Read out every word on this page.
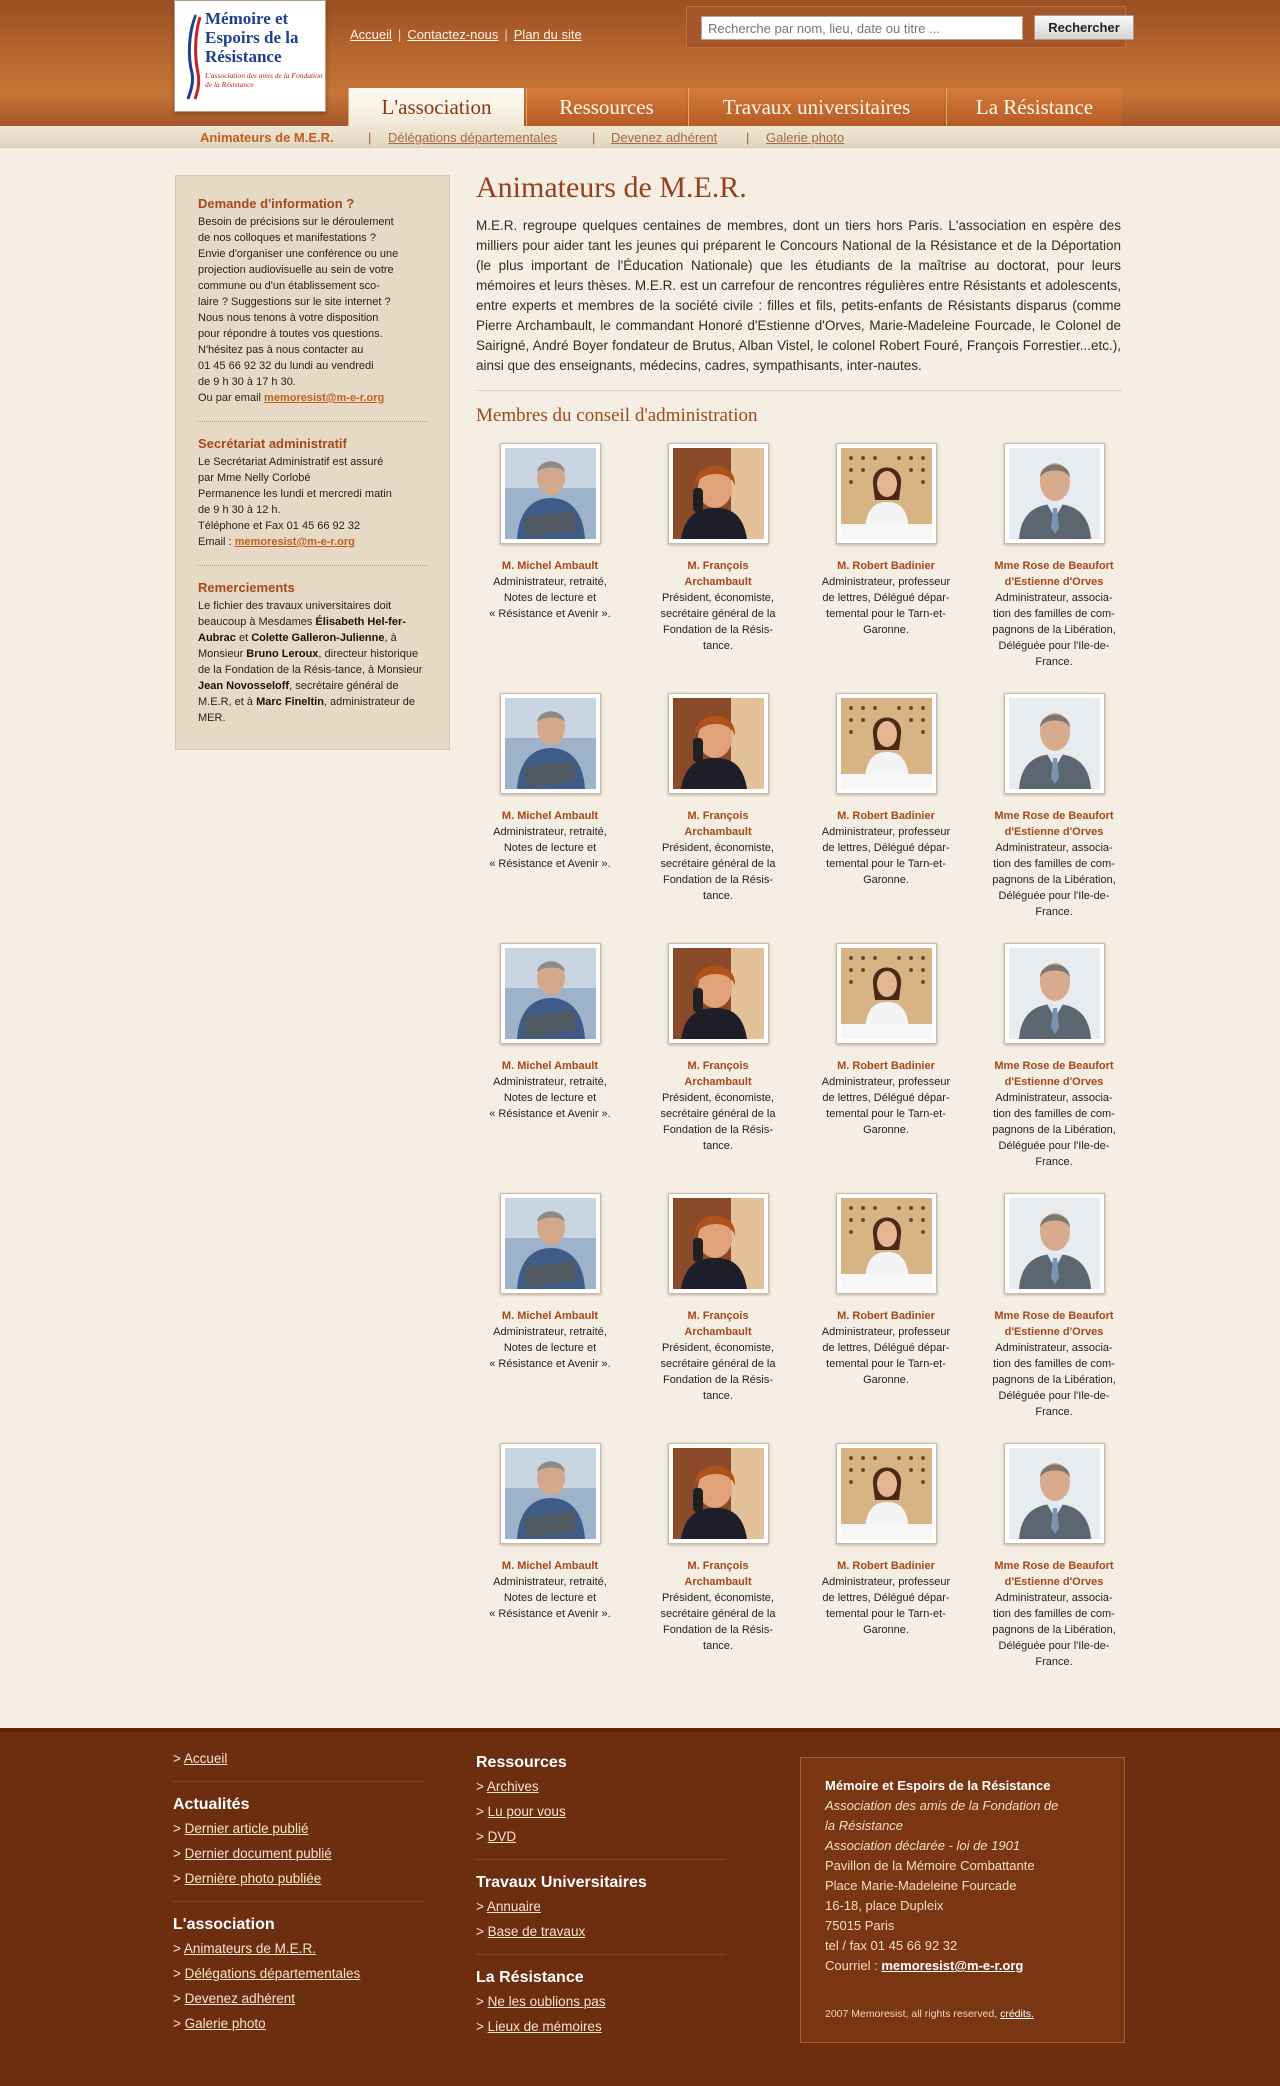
Mémoire et Espoirs de la Résistance
L'association des amis de la Fondation de la Résistance
Accueil | Contactez-nous | Plan du site
Recherche par nom, lieu, date ou titre ...	Rechercher
L'association	Ressources	Travaux universitaires	La Résistance
Animateurs de M.E.R.	| Délégations départementales	| Devenez adhérent | Galerie photo
Demande d'information ?

Besoin de précisions sur le déroulement
de nos colloques et manifestations ?
Envie d'organiser une conférence ou une
projection audiovisuelle au sein de votre
commune ou d'un établissement sco-
laire ? Suggestions sur le site internet ?
Nous nous tenons à votre disposition
pour répondre à toutes vos questions.
N'hésitez pas à nous contacter au
01 45 66 92 32 du lundi au vendredi
de 9 h 30 à 17 h 30.

Ou par email memoresist@m-e-r.org
Secrétariat administratif

Le Secrétariat Administratif est assuré
par Mme Nelly Corlobé
Permanence les lundi et mercredi matin
de 9 h 30 à 12 h.
Téléphone et Fax 01 45 66 92 32

Email : memoresist@m-e-r.org
Remerciements

Le fichier des travaux universitaires doit beaucoup à Mesdames Élisabeth Hel-fer-Aubrac et Colette Galleron-Julienne, à Monsieur Bruno Leroux, directeur historique de la Fondation de la Résis-tance, à Monsieur Jean Novosseloff, secrétaire général de M.E.R, et à Marc Fineltin, administrateur de MER.

Animateurs de M.E.R.

M.E.R. regroupe quelques centaines de membres, dont un tiers hors Paris. L'association en espère des milliers pour aider tant les jeunes qui préparent le Concours National de la Résistance et de la Déportation (le plus important de l'Éducation Nationale) que les étudiants de la maîtrise au doctorat, pour leurs mémoires et leurs thèses. M.E.R. est un carrefour de rencontres régulières entre Résistants et adolescents, entre experts et membres de la société civile : filles et fils, petits-enfants de Résistants disparus (comme Pierre Archambault, le commandant Honoré d'Estienne d'Orves, Marie-Madeleine Fourcade, le Colonel de Sairigné, André Boyer fondateur de Brutus, Alban Vistel, le colonel Robert Fouré, François Forrestier...etc.), ainsi que des enseignants, médecins, cadres, sympathisants, inter-nautes.

Membres du conseil d'administration
M. Michel Ambault
Administrateur, retraité,
Notes de lecture et
« Résistance et Avenir ».
M. François
Archambault
Président, économiste,
secrétaire général de la
Fondation de la Résis-
tance.
M. Robert Badinier
Administrateur, professeur
de lettres, Délégué dépar-
temental pour le Tarn-et-
Garonne.
Mme Rose de Beaufort
d'Estienne d'Orves
Administrateur, associa-
tion des familles de com-
pagnons de la Libération,
Déléguée pour l'Ile-de-
France.
M. Michel Ambault
Administrateur, retraité,
Notes de lecture et
« Résistance et Avenir ».
M. François
Archambault
Président, économiste,
secrétaire général de la
Fondation de la Résis-
tance.
M. Robert Badinier
Administrateur, professeur
de lettres, Délégué dépar-
temental pour le Tarn-et-
Garonne.
Mme Rose de Beaufort
d'Estienne d'Orves
Administrateur, associa-
tion des familles de com-
pagnons de la Libération,
Déléguée pour l'Ile-de-
France.
M. Michel Ambault
Administrateur, retraité,
Notes de lecture et
« Résistance et Avenir ».
M. François
Archambault
Président, économiste,
secrétaire général de la
Fondation de la Résis-
tance.
M. Robert Badinier
Administrateur, professeur
de lettres, Délégué dépar-
temental pour le Tarn-et-
Garonne.
Mme Rose de Beaufort
d'Estienne d'Orves
Administrateur, associa-
tion des familles de com-
pagnons de la Libération,
Déléguée pour l'Ile-de-
France.
M. Michel Ambault
Administrateur, retraité,
Notes de lecture et
« Résistance et Avenir ».
M. François
Archambault
Président, économiste,
secrétaire général de la
Fondation de la Résis-
tance.
M. Robert Badinier
Administrateur, professeur
de lettres, Délégué dépar-
temental pour le Tarn-et-
Garonne.
Mme Rose de Beaufort
d'Estienne d'Orves
Administrateur, associa-
tion des familles de com-
pagnons de la Libération,
Déléguée pour l'Ile-de-
France.
M. Michel Ambault
Administrateur, retraité,
Notes de lecture et
« Résistance et Avenir ».
M. François
Archambault
Président, économiste,
secrétaire général de la
Fondation de la Résis-
tance.
M. Robert Badinier
Administrateur, professeur
de lettres, Délégué dépar-
temental pour le Tarn-et-
Garonne.
Mme Rose de Beaufort
d'Estienne d'Orves
Administrateur, associa-
tion des familles de com-
pagnons de la Libération,
Déléguée pour l'Ile-de-
France.
> Accueil
Actualités
> Dernier article publié
> Dernier document publié
> Dernière photo publiée
L'association
> Animateurs de M.E.R.
> Délégations départementales
> Devenez adhérent
> Galerie photo
Ressources
> Archives
> Lu pour vous
> DVD
Travaux Universitaires
> Annuaire
> Base de travaux
La Résistance
> Ne les oublions pas
> Lieux de mémoires
Mémoire et Espoirs de la Résistance
Association des amis de la Fondation de
la Résistance
Association déclarée - loi de 1901
Pavillon de la Mémoire Combattante
Place Marie-Madeleine Fourcade
16-18, place Dupleix
75015 Paris
tel / fax 01 45 66 92 32
Courriel : memoresist@m-e-r.org
2007 Memoresist, all rights reserved, crédits.
